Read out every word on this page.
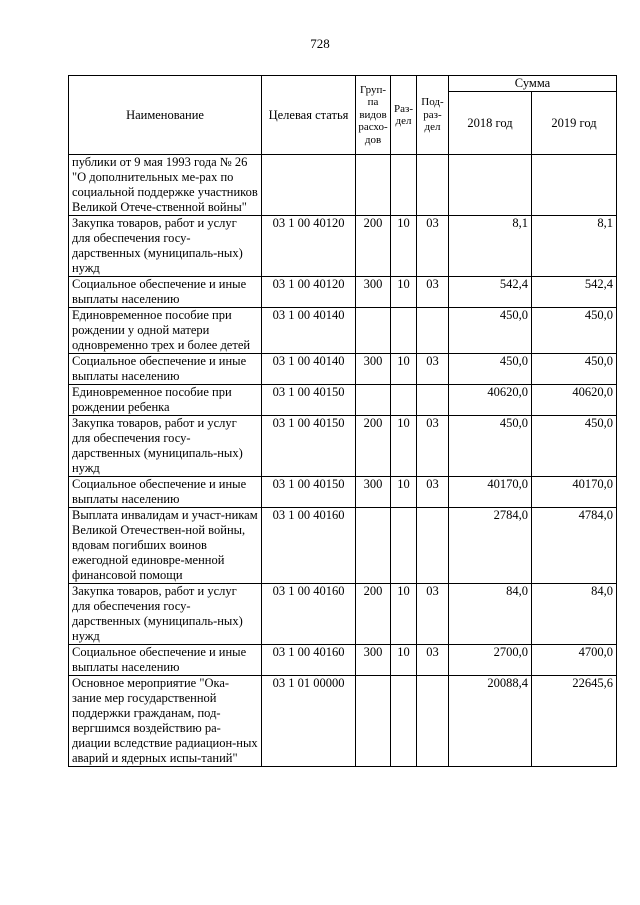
728
Наименование	Целевая статья	Груп-па видов расхо-дов	Раз-дел	Под-раз-дел	Сумма	
					2018 год	2019 год
публики от 9 мая 1993 года № 26 "О дополнительных ме-рах по социальной поддержке участников Великой Отече-ственной войны"						
Закупка товаров, работ и услуг для обеспечения госу-дарственных (муниципаль-ных) нужд	03 1 00 40120	200	10	03	8,1	8,1
Социальное обеспечение и иные выплаты населению	03 1 00 40120	300	10	03	542,4	542,4
Единовременное пособие при рождении у одной матери одновременно трех и более детей	03 1 00 40140				450,0	450,0
Социальное обеспечение и иные выплаты населению	03 1 00 40140	300	10	03	450,0	450,0
Единовременное пособие при рождении ребенка	03 1 00 40150				40620,0	40620,0
Закупка товаров, работ и услуг для обеспечения госу-дарственных (муниципаль-ных) нужд	03 1 00 40150	200	10	03	450,0	450,0
Социальное обеспечение и иные выплаты населению	03 1 00 40150	300	10	03	40170,0	40170,0
Выплата инвалидам и участ-никам Великой Отечествен-ной войны, вдовам погибших воинов ежегодной единовре-менной финансовой помощи	03 1 00 40160				2784,0	4784,0
Закупка товаров, работ и услуг для обеспечения госу-дарственных (муниципаль-ных) нужд	03 1 00 40160	200	10	03	84,0	84,0
Социальное обеспечение и иные выплаты населению	03 1 00 40160	300	10	03	2700,0	4700,0
Основное мероприятие "Ока-зание мер государственной поддержки гражданам, под-вергшимся воздействию ра-диации вследствие радиацион-ных аварий и ядерных испы-таний"	03 1 01 00000				20088,4	22645,6
